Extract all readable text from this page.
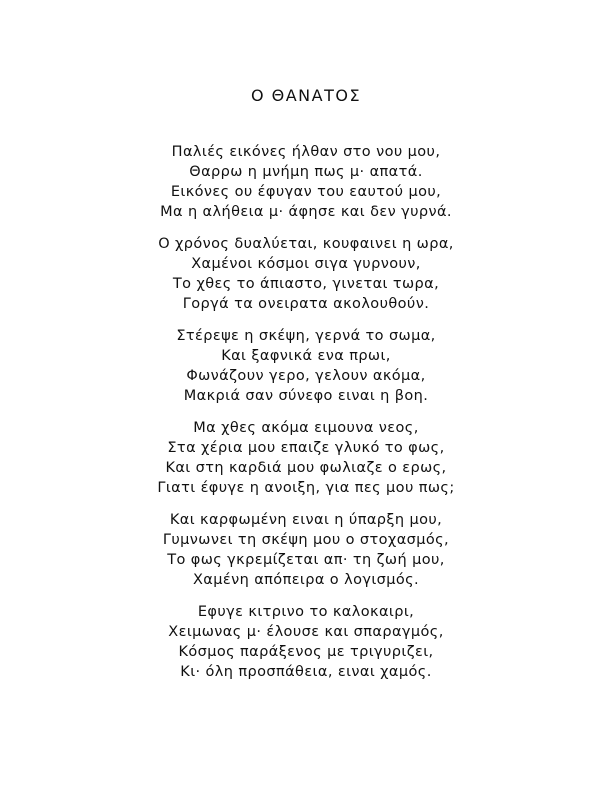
Ο ΘΑΝΑΤΟΣ
Παλιές εικόνες ήλθαν στο νου μου,
Θαρρω η μνήμη πως μ· απατά.
Εικόνες ου έφυγαν του εαυτού μου,
Μα η αλήθεια μ· άφησε και δεν γυρνά.
Ο χρόνος δυαλύεται, κουφαινει η ωρα,
Χαμένοι κόσμοι σιγα γυρνουν,
Το χθες το άπιαστο, γινεται τωρα,
Γοργά τα ονειρατα ακολουθούν.
Στέρεψε η σκέψη, γερνά το σωμα,
Και ξαφνικά ενα πρωι,
Φωνάζουν γερο, γελουν ακόμα,
Μακριά σαν σύνεφο ειναι η βοη.
Μα χθες ακόμα ειμουνα νεος,
Στα χέρια μου επαιζε γλυκό το φως,
Και στη καρδιά μου φωλιαζε ο ερως,
Γιατι έφυγε η ανοιξη, για πες μου πως;
Και καρφωμένη ειναι η ύπαρξη μου,
Γυμνωνει τη σκέψη μου ο στοχασμός,
Το φως γκρεμίζεται απ· τη ζωή μου,
Χαμένη απόπειρα ο λογισμός.
Εφυγε κιτρινο το καλοκαιρι,
Χειμωνας μ· έλουσε και σπαραγμός,
Κόσμος παράξενος με τριγυριζει,
Κι· όλη προσπάθεια, ειναι χαμός.
